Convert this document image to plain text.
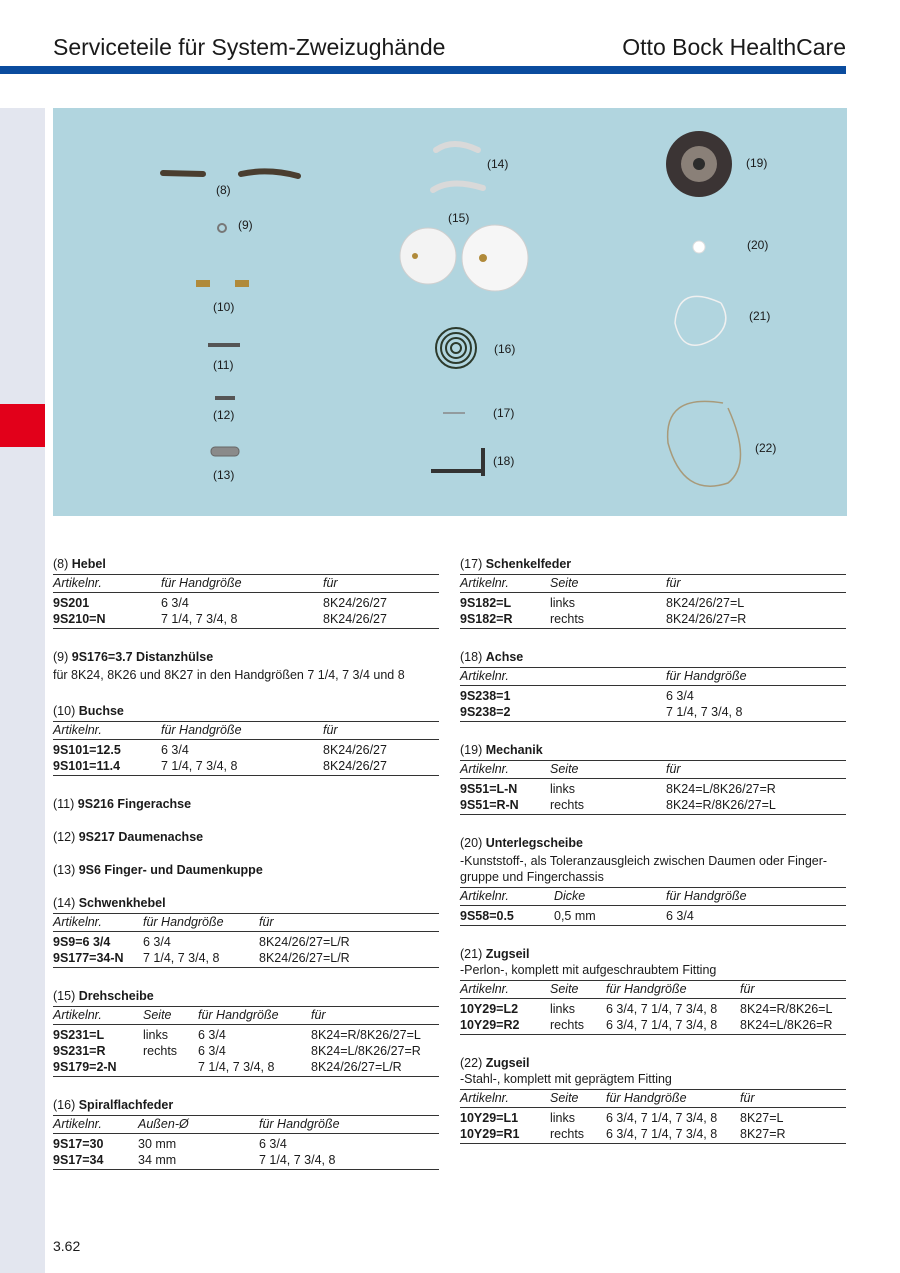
Serviceteile für System-Zweizughände	Otto Bock HealthCare
(8)
(9)
(10)
(11)
(12)
(13)
(14)
(15)
(16)
(17)
(18)
(19)
(20)
(21)
(22)
(8) Hebel
Artikelnr.	für Handgröße	für
9S201	6 3/4	8K24/26/27
9S210=N	7 1/4, 7 3/4, 8	8K24/26/27
(9) 9S176=3.7 Distanzhülse
für 8K24, 8K26 und 8K27 in den Handgrößen 7 1/4, 7 3/4 und 8
(10) Buchse
Artikelnr.	für Handgröße	für
9S101=12.5	6 3/4	8K24/26/27
9S101=11.4	7 1/4, 7 3/4, 8	8K24/26/27
(11) 9S216 Fingerachse
(12) 9S217 Daumenachse
(13) 9S6 Finger- und Daumenkuppe
(14) Schwenkhebel
Artikelnr.	für Handgröße	für
9S9=6 3/4	6 3/4	8K24/26/27=L/R
9S177=34-N	7 1/4, 7 3/4, 8	8K24/26/27=L/R
(15) Drehscheibe
Artikelnr.	Seite	für Handgröße	für
9S231=L	links	6 3/4	8K24=R/8K26/27=L
9S231=R	rechts	6 3/4	8K24=L/8K26/27=R
9S179=2-N		7 1/4, 7 3/4, 8	8K24/26/27=L/R
(16) Spiralflachfeder
Artikelnr.	Außen-Ø	für Handgröße
9S17=30	30 mm	6 3/4
9S17=34	34 mm	7 1/4, 7 3/4, 8
(17) Schenkelfeder
Artikelnr.	Seite	für
9S182=L	links	8K24/26/27=L
9S182=R	rechts	8K24/26/27=R
(18) Achse
Artikelnr.		für Handgröße
9S238=1		6 3/4
9S238=2		7 1/4, 7 3/4, 8
(19) Mechanik
Artikelnr.	Seite	für
9S51=L-N	links	8K24=L/8K26/27=R
9S51=R-N	rechts	8K24=R/8K26/27=L
(20) Unterlegscheibe
-Kunststoff-, als Toleranzausgleich zwischen Daumen oder Finger-
gruppe und Fingerchassis
Artikelnr.	Dicke	für Handgröße
9S58=0.5	0,5 mm	6 3/4
(21) Zugseil
-Perlon-, komplett mit aufgeschraubtem Fitting
Artikelnr.	Seite	für Handgröße	für
10Y29=L2	links	6 3/4, 7 1/4, 7 3/4, 8	8K24=R/8K26=L
10Y29=R2	rechts	6 3/4, 7 1/4, 7 3/4, 8	8K24=L/8K26=R
(22) Zugseil
-Stahl-, komplett mit geprägtem Fitting
Artikelnr.	Seite	für Handgröße	für
10Y29=L1	links	6 3/4, 7 1/4, 7 3/4, 8	8K27=L
10Y29=R1	rechts	6 3/4, 7 1/4, 7 3/4, 8	8K27=R
3.62
